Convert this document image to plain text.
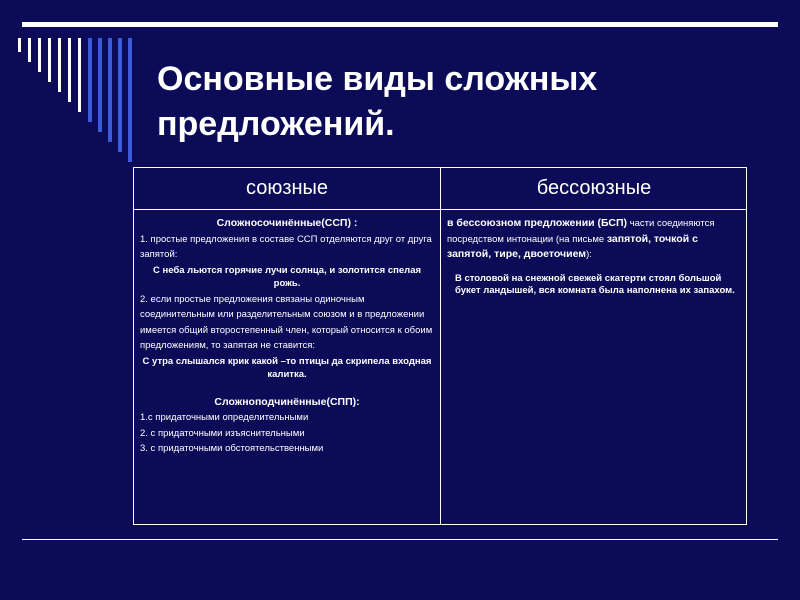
Основные виды сложных предложений.
союзные	бессоюзные

Сложносочинённые(ССП) :

1. простые предложения в составе ССП отделяются друг от друга запятой:

С неба льются горячие лучи солнца, и золотится спелая рожь.

2. если простые предложения связаны одиночным соединительным или разделительным союзом и в предложении имеется общий второстепенный член, который относится к обоим предложениям, то запятая не ставится:

С утра слышался крик какой –то птицы да скрипела входная калитка.

Сложноподчинённые(СПП):

1.с придаточными определительными

2. с придаточными изъяснительными

3. с придаточными обстоятельственными

в бессоюзном предложении (БСП) части соединяются посредством интонации (на письме запятой, точкой с запятой, тире, двоеточием):

В столовой на снежной свежей скатерти стоял большой букет ландышей, вся комната была наполнена их запахом.
